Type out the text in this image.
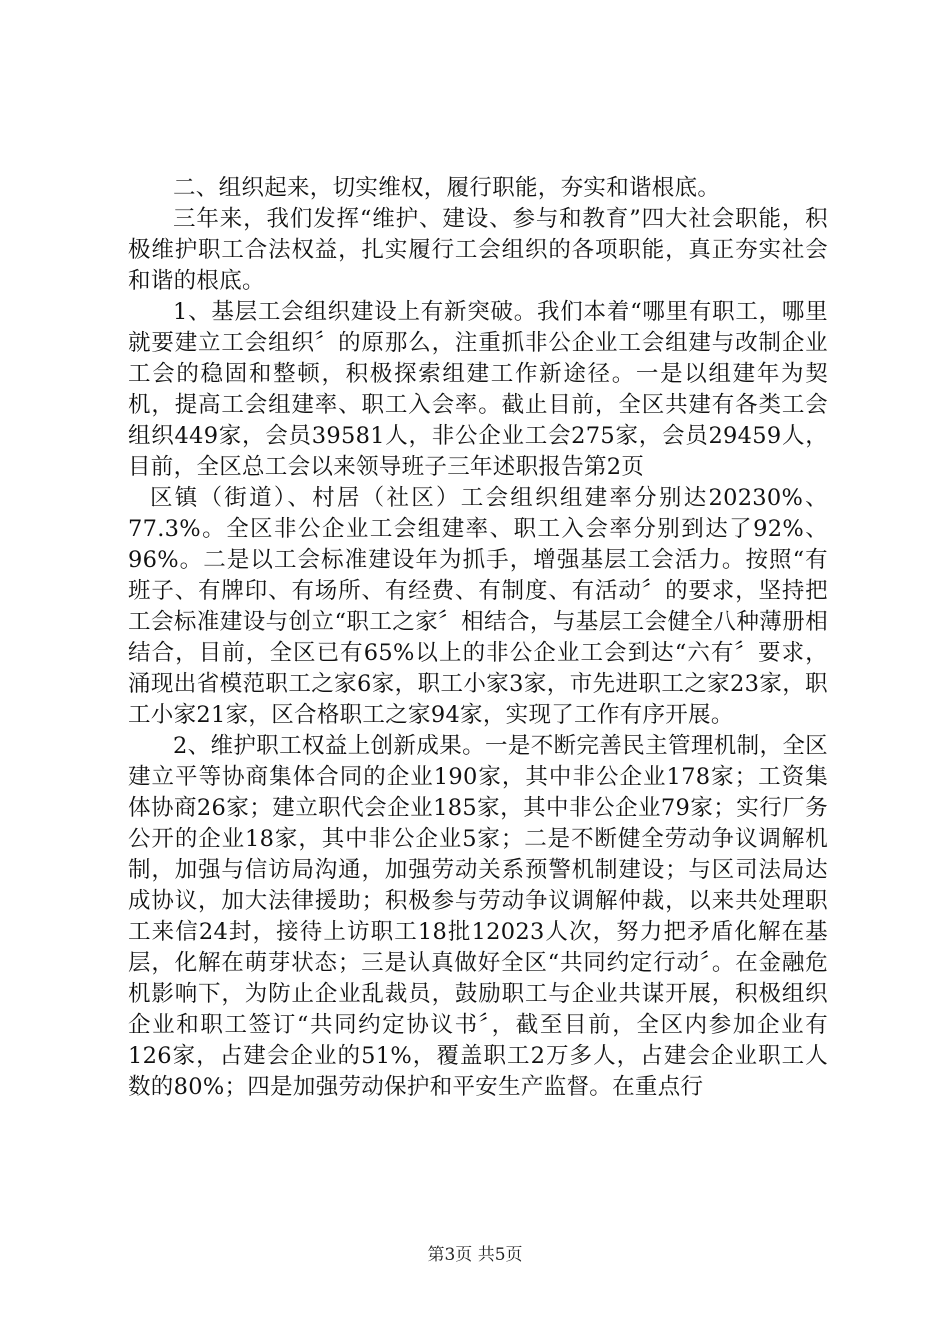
二、组织起来，切实维权，履行职能，夯实和谐根底。

三年来，我们发挥“维护、建设、参与和教育”四大社会职能，积极维护职工合法权益，扎实履行工会组织的各项职能，真正夯实社会和谐的根底。

1、基层工会组织建设上有新突破。我们本着“哪里有职工，哪里就要建立工会组织〞的原那么，注重抓非公企业工会组建与改制企业工会的稳固和整顿，积极探索组建工作新途径。一是以组建年为契机，提高工会组建率、职工入会率。截止目前，全区共建有各类工会组织449家，会员39581人，非公企业工会275家，会员29459人，目前，全区总工会以来领导班子三年述职报告第2页

区镇（街道）、村居（社区）工会组织组建率分别达20230%、77.3%。全区非公企业工会组建率、职工入会率分别到达了92%、96%。二是以工会标准建设年为抓手，增强基层工会活力。按照“有班子、有牌印、有场所、有经费、有制度、有活动〞的要求，坚持把工会标准建设与创立“职工之家〞相结合，与基层工会健全八种薄册相结合，目前，全区已有65%以上的非公企业工会到达“六有〞要求，涌现出省模范职工之家6家，职工小家3家，市先进职工之家23家，职工小家21家，区合格职工之家94家，实现了工作有序开展。

2、维护职工权益上创新成果。一是不断完善民主管理机制，全区建立平等协商集体合同的企业190家，其中非公企业178家；工资集体协商26家；建立职代会企业185家，其中非公企业79家；实行厂务公开的企业18家，其中非公企业5家；二是不断健全劳动争议调解机制，加强与信访局沟通，加强劳动关系预警机制建设；与区司法局达成协议，加大法律援助；积极参与劳动争议调解仲裁，以来共处理职工来信24封，接待上访职工18批12023人次，努力把矛盾化解在基层，化解在萌芽状态；三是认真做好全区“共同约定行动〞。在金融危机影响下，为防止企业乱裁员，鼓励职工与企业共谋开展，积极组织企业和职工签订“共同约定协议书〞，截至目前，全区内参加企业有126家，占建会企业的51%，覆盖职工2万多人，占建会企业职工人数的80%；四是加强劳动保护和平安生产监督。在重点行

第3页 共5页
